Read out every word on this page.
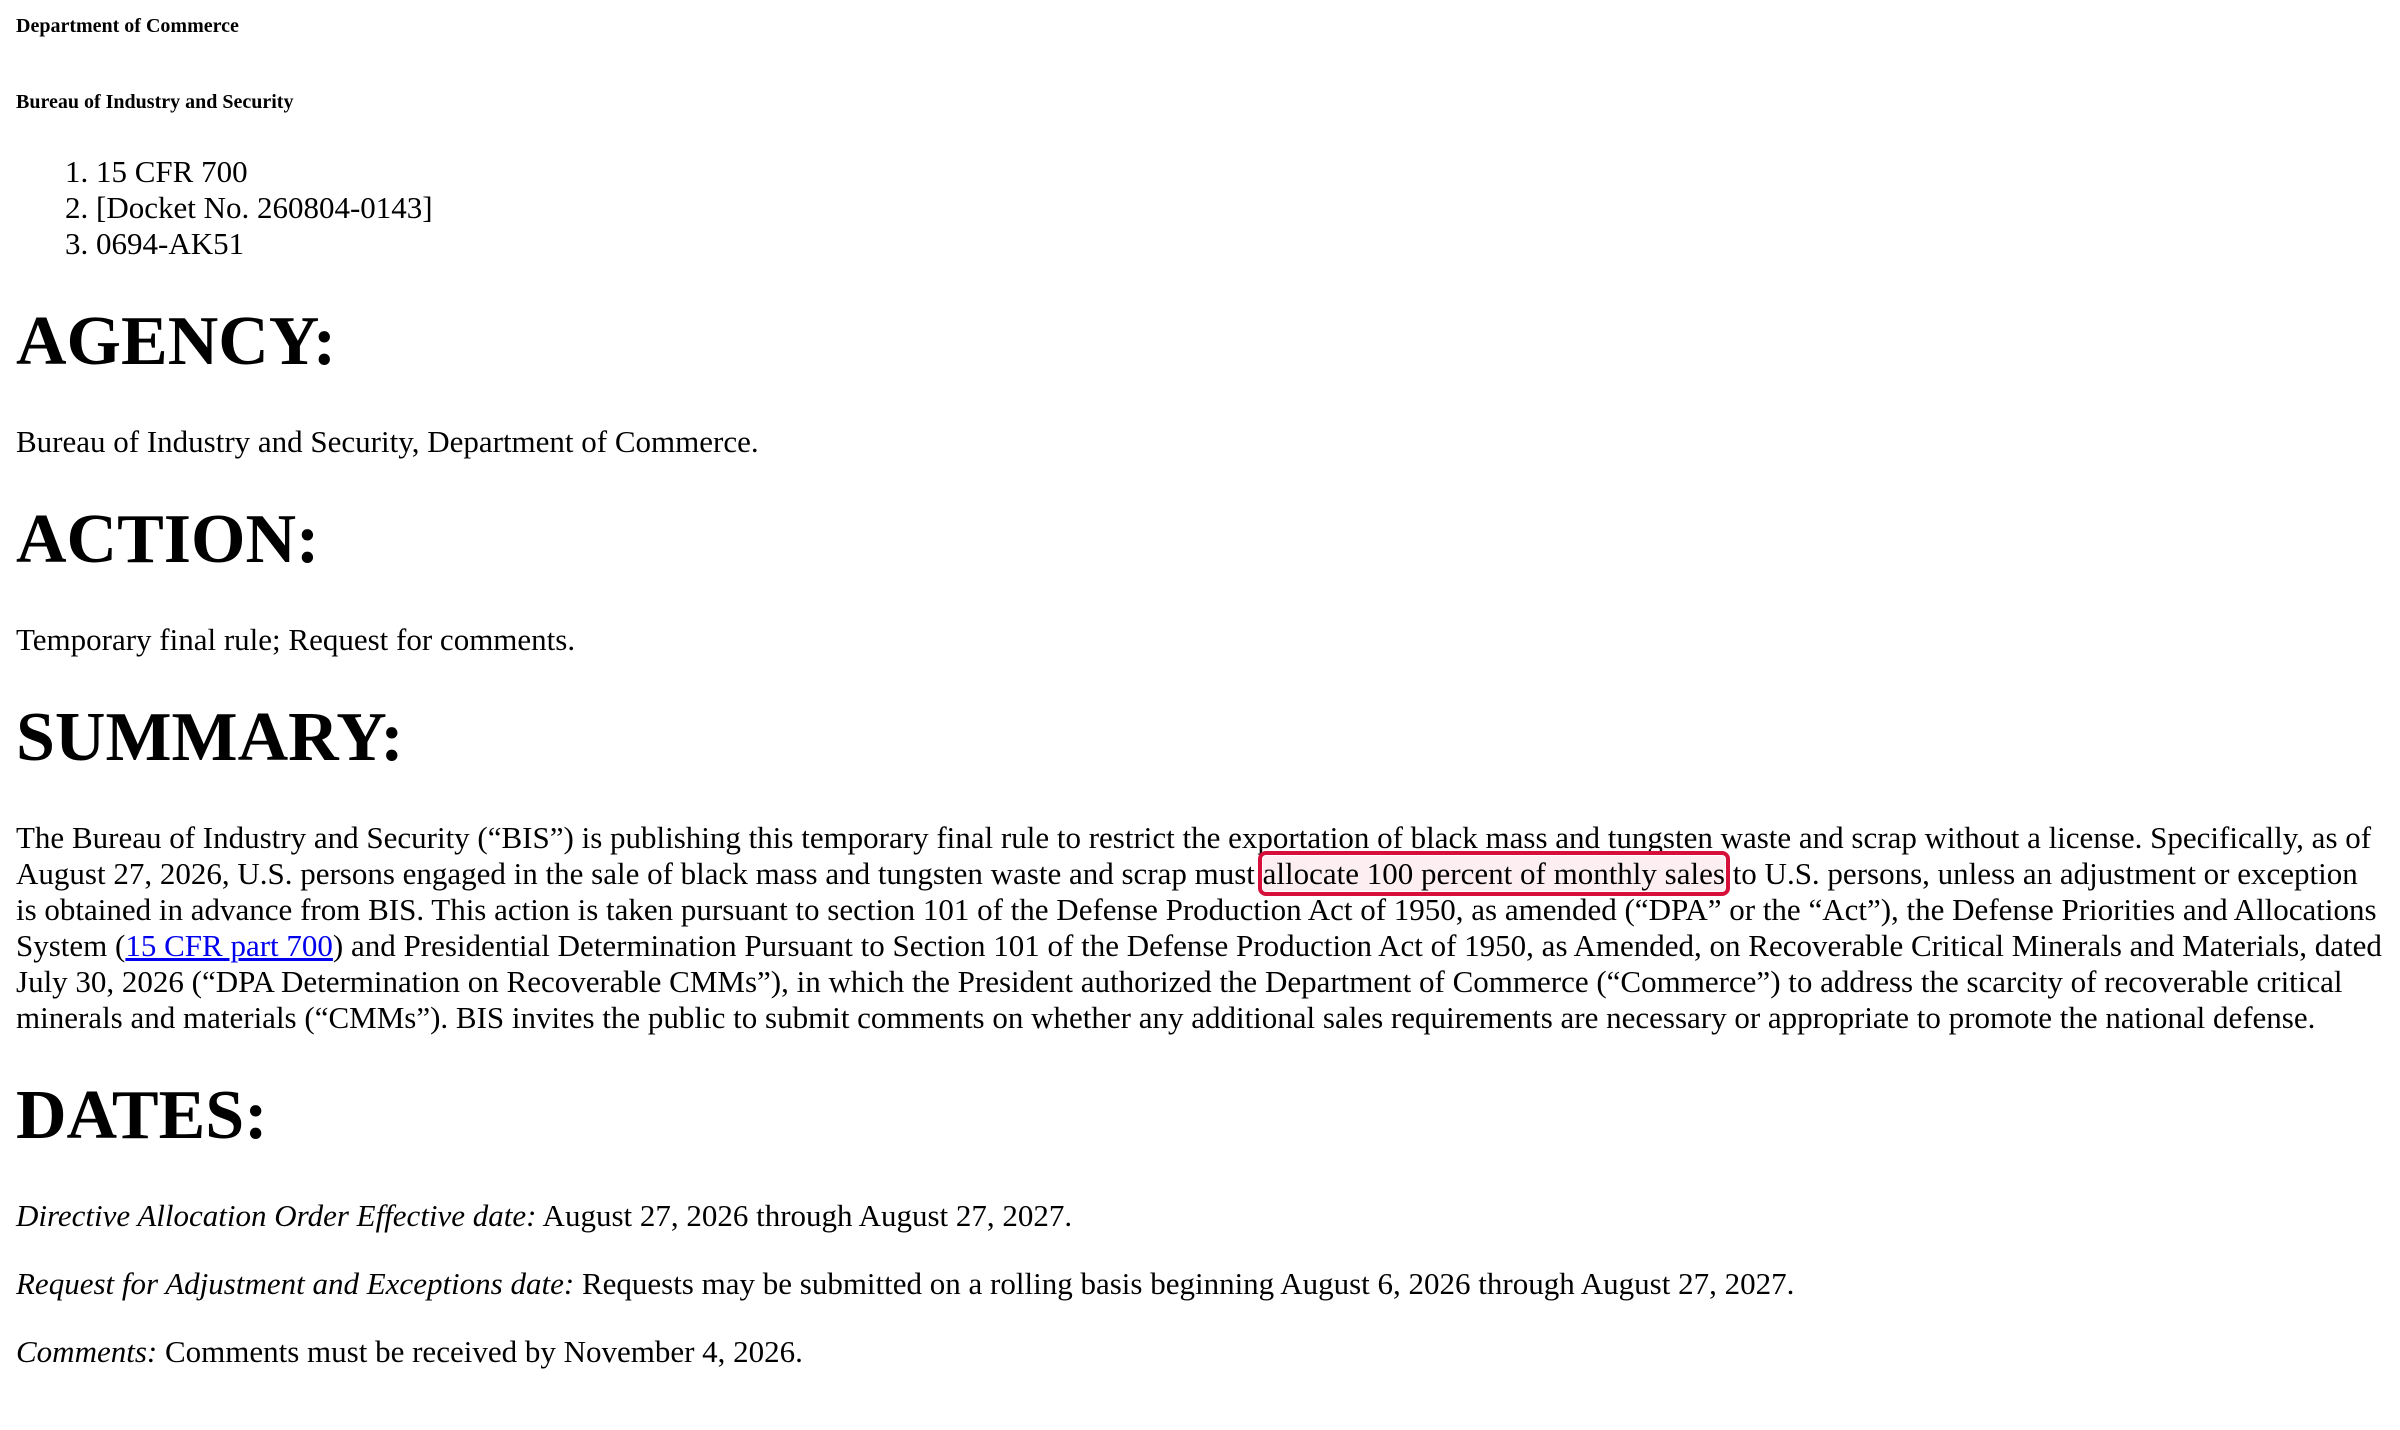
Department of Commerce
Bureau of Industry and Security
1. 15 CFR 700
2. [Docket No. 260804-0143]
3. 0694-AK51
AGENCY:

Bureau of Industry and Security, Department of Commerce.

ACTION:

Temporary final rule; Request for comments.

SUMMARY:

The Bureau of Industry and Security (“BIS”) is publishing this temporary final rule to restrict the exportation of black mass and tungsten waste and scrap without a license. Specifically, as of August 27, 2026, U.S. persons engaged in the sale of black mass and tungsten waste and scrap must allocate 100 percent of monthly sales to U.S. persons, unless an adjustment or exception is obtained in advance from BIS. This action is taken pursuant to section 101 of the Defense Production Act of 1950, as amended (“DPA” or the “Act”), the Defense Priorities and Allocations System (15 CFR part 700) and Presidential Determination Pursuant to Section 101 of the Defense Production Act of 1950, as Amended, on Recoverable Critical Minerals and Materials, dated July 30, 2026 (“DPA Determination on Recoverable CMMs”), in which the President authorized the Department of Commerce (“Commerce”) to address the scarcity of recoverable critical minerals and materials (“CMMs”). BIS invites the public to submit comments on whether any additional sales requirements are necessary or appropriate to promote the national defense.

DATES:

Directive Allocation Order Effective date: August 27, 2026 through August 27, 2027.

Request for Adjustment and Exceptions date: Requests may be submitted on a rolling basis beginning August 6, 2026 through August 27, 2027.

Comments: Comments must be received by November 4, 2026.
